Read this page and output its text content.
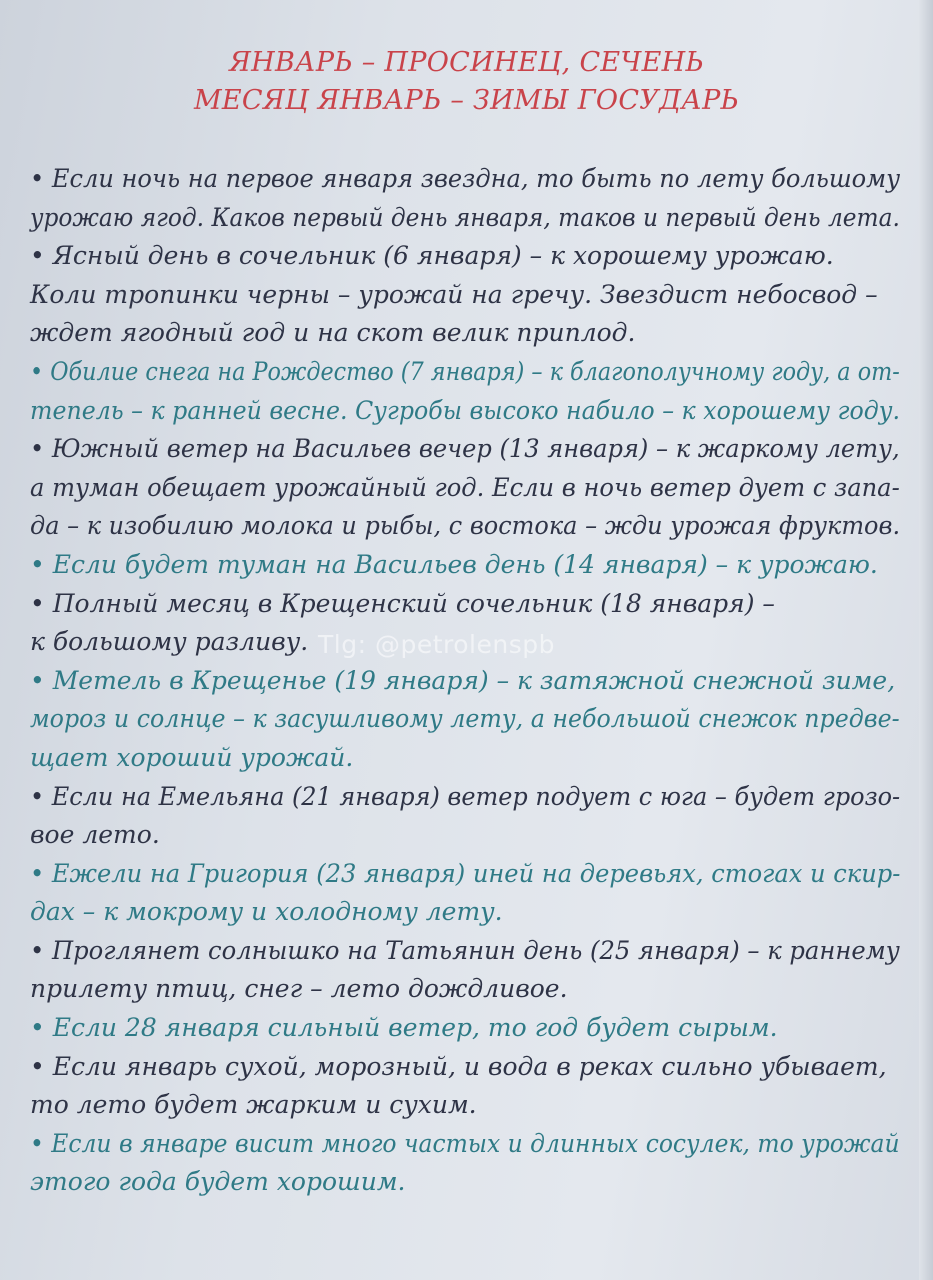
ЯНВАРЬ – ПРОСИНЕЦ, СЕЧЕНЬ
МЕСЯЦ ЯНВАРЬ – ЗИМЫ ГОСУДАРЬ
• Если ночь на первое января звездна, то быть по лету большому
урожаю ягод. Каков первый день января, таков и первый день лета.
• Ясный день в сочельник (6 января) – к хорошему урожаю.
Коли тропинки черны – урожай на гречу. Звездист небосвод –
ждет ягодный год и на скот велик приплод.
• Обилие снега на Рождество (7 января) – к благополучному году, а от-
тепель – к ранней весне. Сугробы высоко набило – к хорошему году.
• Южный ветер на Васильев вечер (13 января) – к жаркому лету,
а туман обещает урожайный год. Если в ночь ветер дует с запа-
да – к изобилию молока и рыбы, с востока – жди урожая фруктов.
• Если будет туман на Васильев день (14 января) – к урожаю.
• Полный месяц в Крещенский сочельник (18 января) –
к большому разливу.
• Метель в Крещенье (19 января) – к затяжной снежной зиме,
мороз и солнце – к засушливому лету, а небольшой снежок предве-
щает хороший урожай.
• Если на Емельяна (21 января) ветер подует с юга – будет грозо-
вое лето.
• Ежели на Григория (23 января) иней на деревьях, стогах и скир-
дах – к мокрому и холодному лету.
• Проглянет солнышко на Татьянин день (25 января) – к раннему
прилету птиц, снег – лето дождливое.
• Если 28 января сильный ветер, то год будет сырым.
• Если январь сухой, морозный, и вода в реках сильно убывает,
то лето будет жарким и сухим.
• Если в январе висит много частых и длинных сосулек, то урожай
этого года будет хорошим.
Tlg: @petrolenspb
